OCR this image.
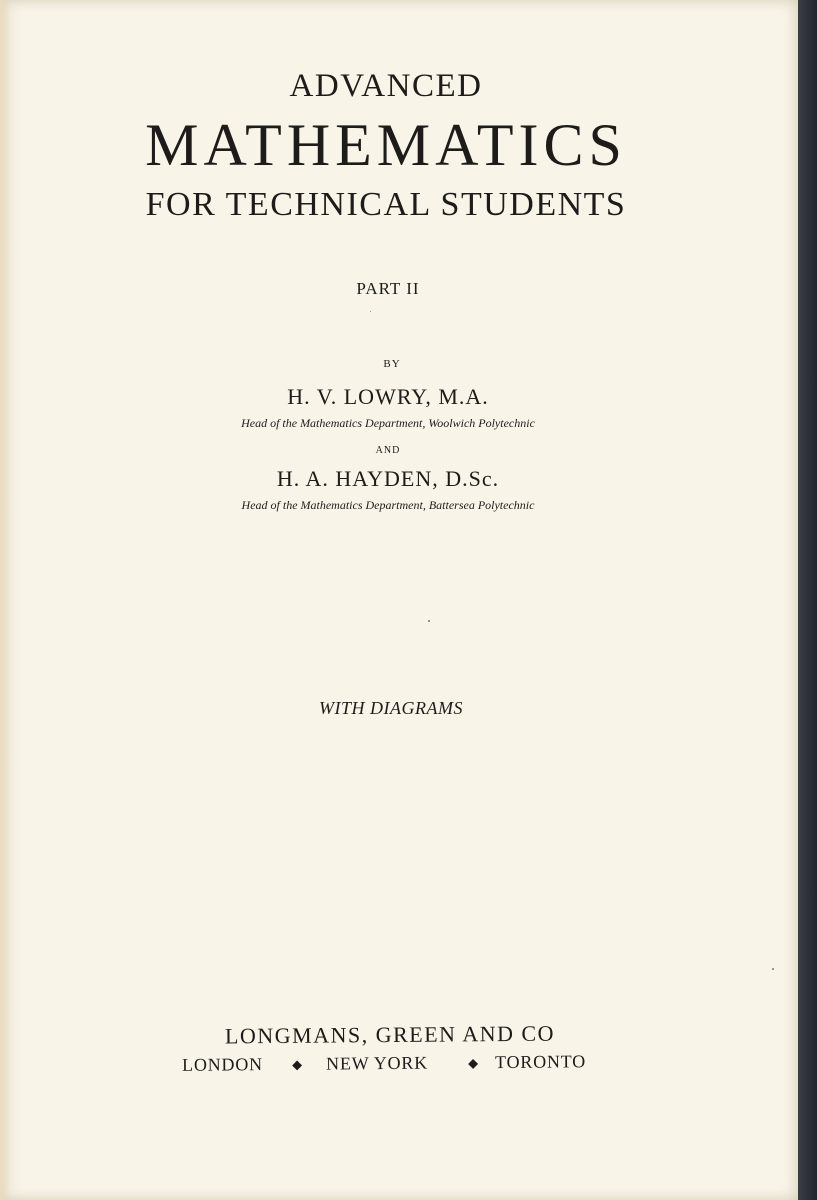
ADVANCED
MATHEMATICS
FOR TECHNICAL STUDENTS
PART II
BY
H. V. LOWRY, M.A.
Head of the Mathematics Department, Woolwich Polytechnic
AND
H. A. HAYDEN, D.Sc.
Head of the Mathematics Department, Battersea Polytechnic
WITH DIAGRAMS
LONGMANS, GREEN AND CO
LONDON ◆ NEW YORK	◆ TORONTO
